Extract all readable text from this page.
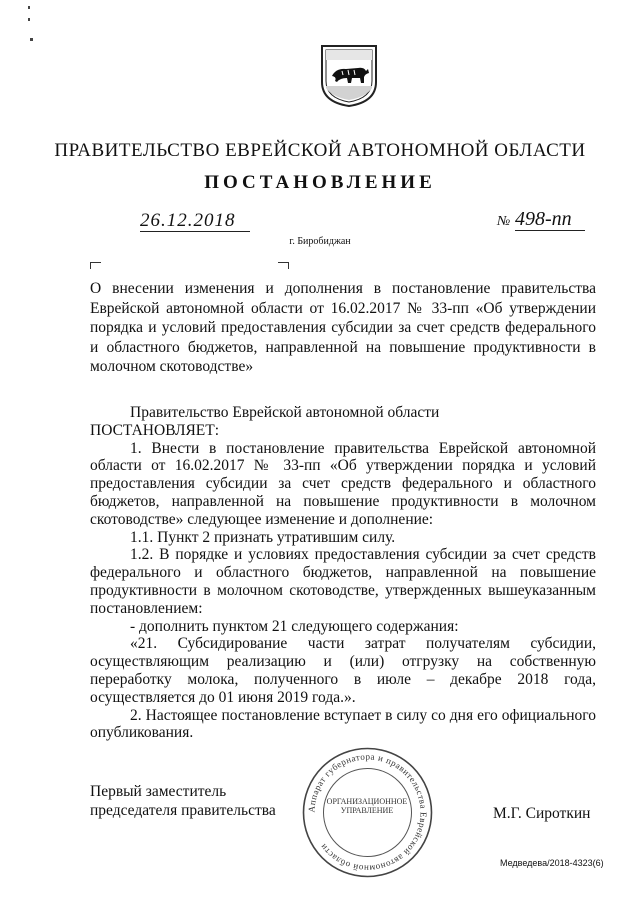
ПРАВИТЕЛЬСТВО ЕВРЕЙСКОЙ АВТОНОМНОЙ ОБЛАСТИ
ПОСТАНОВЛЕНИЕ
26.12.2018	№ 498-пп
г. Биробиджан
О внесении изменения и дополнения в постановление правительства Еврейской автономной области от 16.02.2017 № 33-пп «Об утверждении порядка и условий предоставления субсидии за счет средств федерального и областного бюджетов, направленной на повышение продуктивности в молочном скотоводстве»

Правительство Еврейской автономной области

ПОСТАНОВЛЯЕТ:

1. Внести в постановление правительства Еврейской автономной области от 16.02.2017 № 33-пп «Об утверждении порядка и условий предоставления субсидии за счет средств федерального и областного бюджетов, направленной на повышение продуктивности в молочном скотоводстве» следующее изменение и дополнение:

1.1. Пункт 2 признать утратившим силу.

1.2. В порядке и условиях предоставления субсидии за счет средств федерального и областного бюджетов, направленной на повышение продуктивности в молочном скотоводстве, утвержденных вышеуказанным постановлением:

- дополнить пунктом 21 следующего содержания:

«21. Субсидирование части затрат получателям субсидии, осуществляющим реализацию и (или) отгрузку на собственную переработку молока, полученного в июле – декабре 2018 года, осуществляется до 01 июня 2019 года.».

2. Настоящее постановление вступает в силу со дня его официального опубликования.

Первый заместитель
председателя правительства	Аппарат губернатора и правительства Еврейской автономной области
ОРГАНИЗАЦИОННОЕ УПРАВЛЕНИЕ	М.Г. Сироткин
Медведева/2018-4323(6)
